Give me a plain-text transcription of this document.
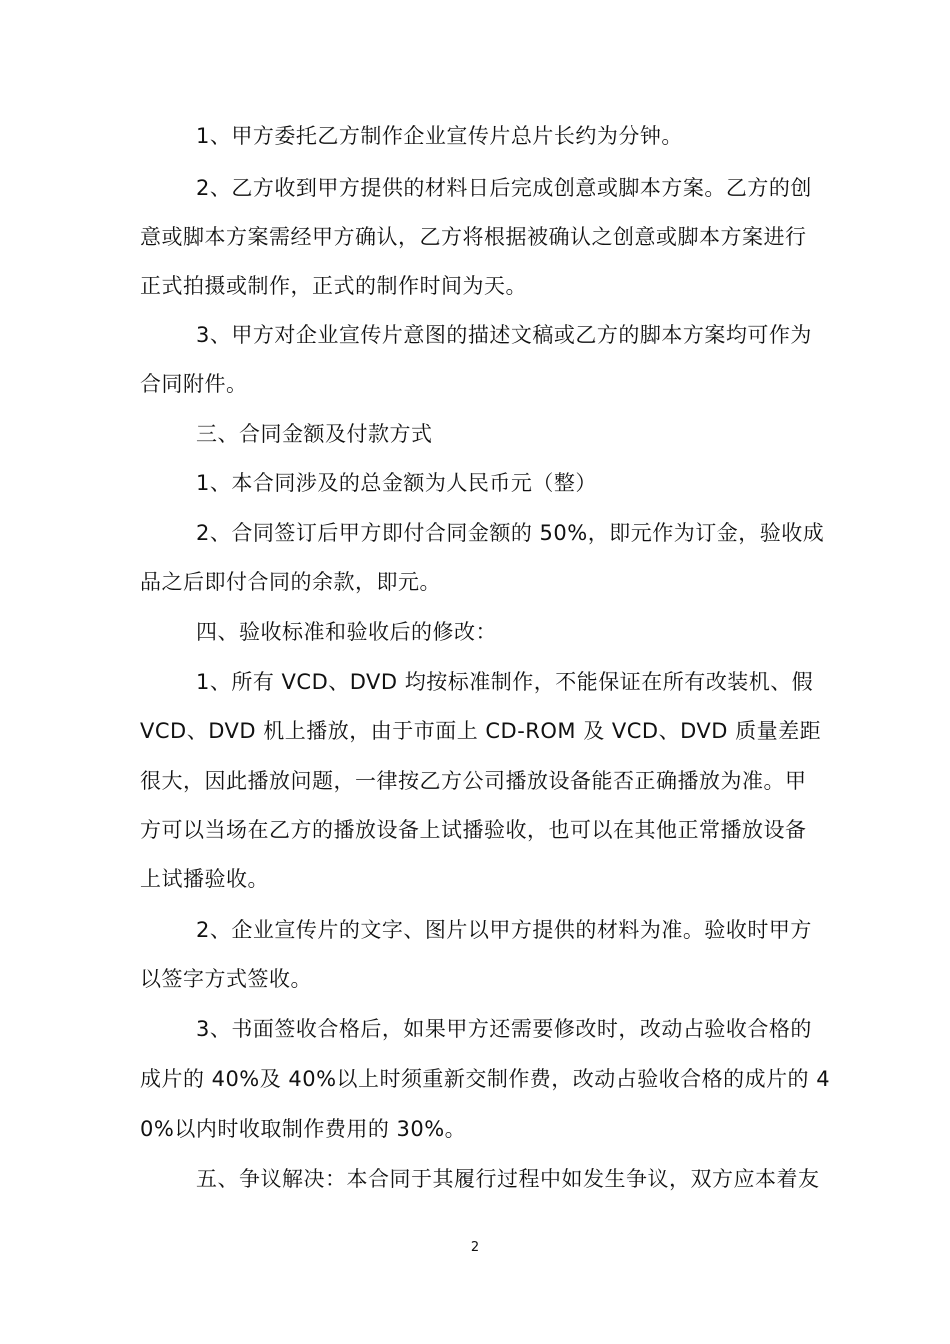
1、甲方委托乙方制作企业宣传片总片长约为分钟。

2、乙方收到甲方提供的材料日后完成创意或脚本方案。乙方的创

意或脚本方案需经甲方确认，乙方将根据被确认之创意或脚本方案进行

正式拍摄或制作，正式的制作时间为天。

3、甲方对企业宣传片意图的描述文稿或乙方的脚本方案均可作为

合同附件。

三、合同金额及付款方式

1、本合同涉及的总金额为人民币元（整）

2、合同签订后甲方即付合同金额的 50%，即元作为订金，验收成

品之后即付合同的余款，即元。

四、验收标准和验收后的修改：

1、所有 VCD、DVD 均按标准制作，不能保证在所有改装机、假

VCD、DVD 机上播放，由于市面上 CD-ROM 及 VCD、DVD 质量差距

很大，因此播放问题，一律按乙方公司播放设备能否正确播放为准。甲

方可以当场在乙方的播放设备上试播验收，也可以在其他正常播放设备

上试播验收。

2、企业宣传片的文字、图片以甲方提供的材料为准。验收时甲方

以签字方式签收。

3、书面签收合格后，如果甲方还需要修改时，改动占验收合格的

成片的 40%及 40%以上时须重新交制作费，改动占验收合格的成片的 4

0%以内时收取制作费用的 30%。

五、争议解决：本合同于其履行过程中如发生争议，双方应本着友

2
